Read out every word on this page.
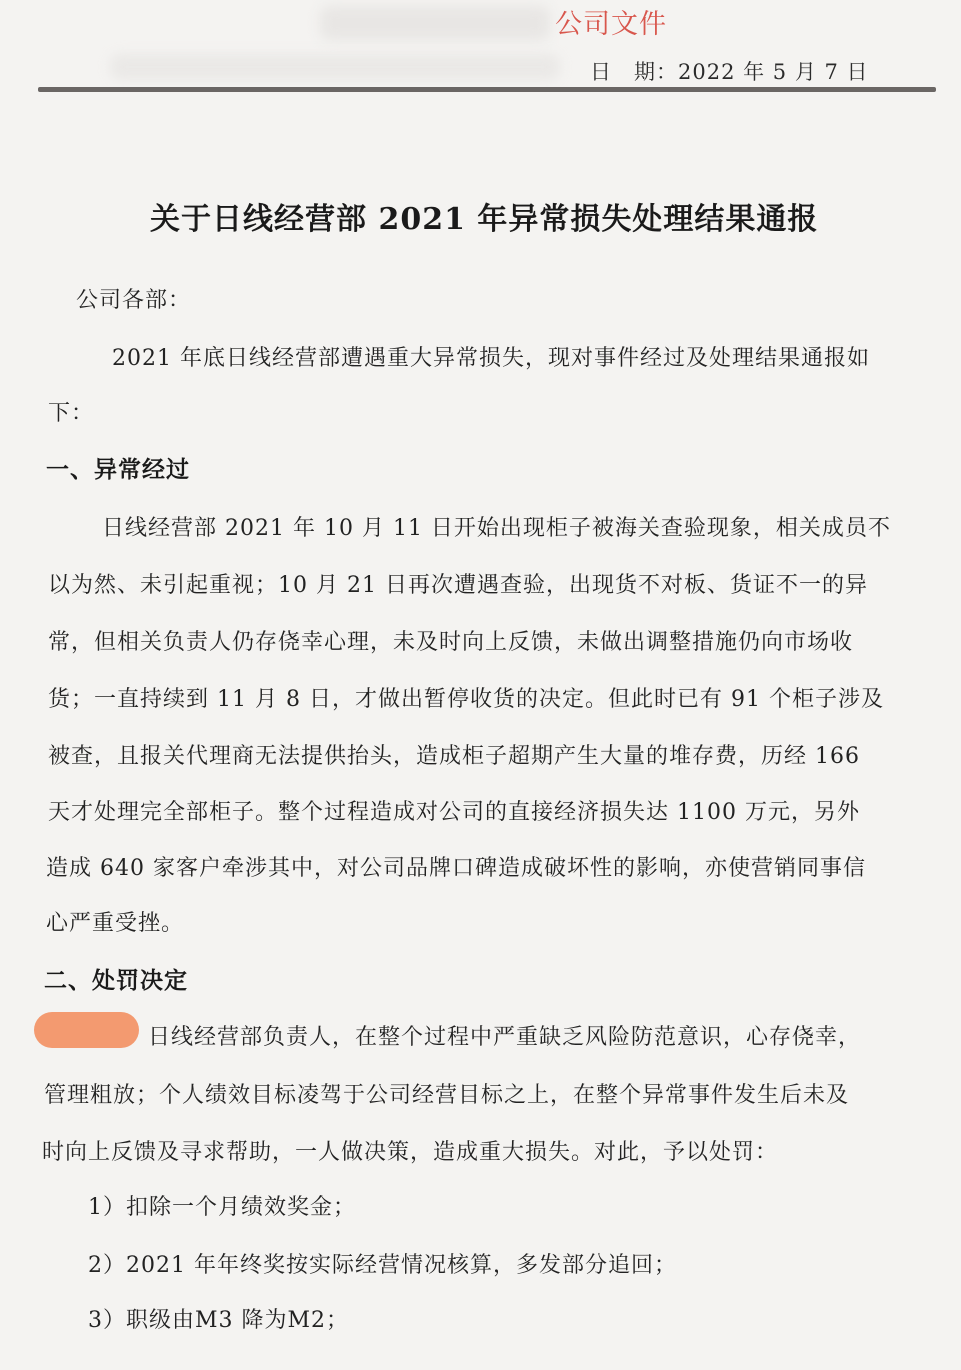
公司文件
日　期：2022 年 5 月 7 日
关于日线经营部 2021 年异常损失处理结果通报
公司各部：
2021 年底日线经营部遭遇重大异常损失，现对事件经过及处理结果通报如
下：
一、异常经过
日线经营部 2021 年 10 月 11 日开始出现柜子被海关查验现象，相关成员不
以为然、未引起重视；10 月 21 日再次遭遇查验，出现货不对板、货证不一的异
常，但相关负责人仍存侥幸心理，未及时向上反馈，未做出调整措施仍向市场收
货；一直持续到 11 月 8 日，才做出暂停收货的决定。但此时已有 91 个柜子涉及
被查，且报关代理商无法提供抬头，造成柜子超期产生大量的堆存费，历经 166
天才处理完全部柜子。整个过程造成对公司的直接经济损失达 1100 万元，另外
造成 640 家客户牵涉其中，对公司品牌口碑造成破坏性的影响，亦使营销同事信
心严重受挫。
二、处罚决定
日线经营部负责人，在整个过程中严重缺乏风险防范意识，心存侥幸，
管理粗放；个人绩效目标凌驾于公司经营目标之上，在整个异常事件发生后未及
时向上反馈及寻求帮助，一人做决策，造成重大损失。对此，予以处罚：
1）扣除一个月绩效奖金；
2）2021 年年终奖按实际经营情况核算，多发部分追回；
3）职级由M3 降为M2；
